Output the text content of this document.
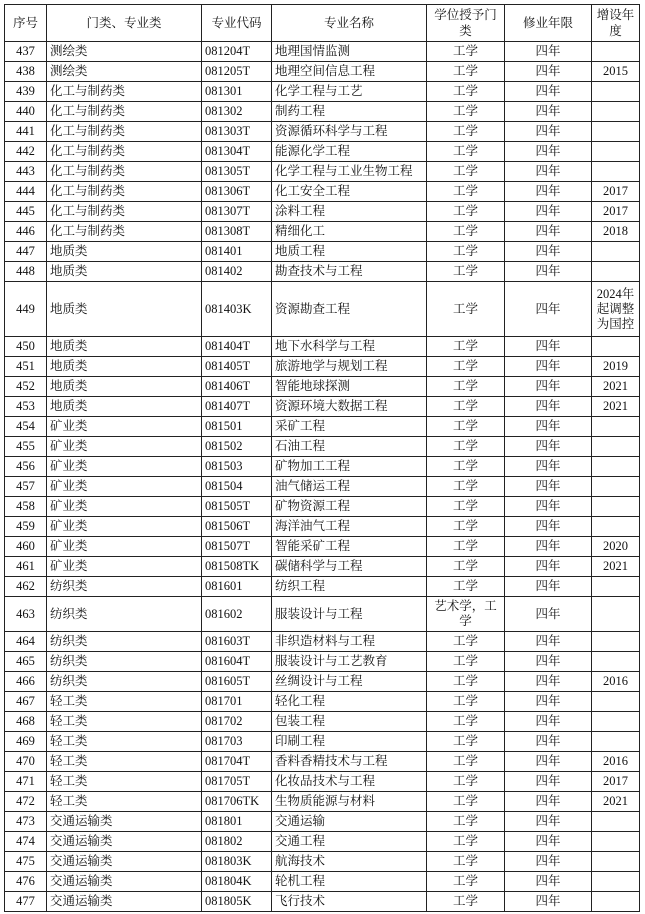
序号	门类、专业类	专业代码	专业名称	学位授予门类	修业年限	增设年度
437	测绘类	081204T	地理国情监测	工学	四年	
438	测绘类	081205T	地理空间信息工程	工学	四年	2015
439	化工与制药类	081301	化学工程与工艺	工学	四年	
440	化工与制药类	081302	制药工程	工学	四年	
441	化工与制药类	081303T	资源循环科学与工程	工学	四年	
442	化工与制药类	081304T	能源化学工程	工学	四年	
443	化工与制药类	081305T	化学工程与工业生物工程	工学	四年	
444	化工与制药类	081306T	化工安全工程	工学	四年	2017
445	化工与制药类	081307T	涂料工程	工学	四年	2017
446	化工与制药类	081308T	精细化工	工学	四年	2018
447	地质类	081401	地质工程	工学	四年	
448	地质类	081402	勘查技术与工程	工学	四年	
449	地质类	081403K	资源勘查工程	工学	四年	2024年起调整为国控
450	地质类	081404T	地下水科学与工程	工学	四年	
451	地质类	081405T	旅游地学与规划工程	工学	四年	2019
452	地质类	081406T	智能地球探测	工学	四年	2021
453	地质类	081407T	资源环境大数据工程	工学	四年	2021
454	矿业类	081501	采矿工程	工学	四年	
455	矿业类	081502	石油工程	工学	四年	
456	矿业类	081503	矿物加工工程	工学	四年	
457	矿业类	081504	油气储运工程	工学	四年	
458	矿业类	081505T	矿物资源工程	工学	四年	
459	矿业类	081506T	海洋油气工程	工学	四年	
460	矿业类	081507T	智能采矿工程	工学	四年	2020
461	矿业类	081508TK	碳储科学与工程	工学	四年	2021
462	纺织类	081601	纺织工程	工学	四年	
463	纺织类	081602	服装设计与工程	艺术学，工学	四年	
464	纺织类	081603T	非织造材料与工程	工学	四年	
465	纺织类	081604T	服装设计与工艺教育	工学	四年	
466	纺织类	081605T	丝绸设计与工程	工学	四年	2016
467	轻工类	081701	轻化工程	工学	四年	
468	轻工类	081702	包装工程	工学	四年	
469	轻工类	081703	印刷工程	工学	四年	
470	轻工类	081704T	香料香精技术与工程	工学	四年	2016
471	轻工类	081705T	化妆品技术与工程	工学	四年	2017
472	轻工类	081706TK	生物质能源与材料	工学	四年	2021
473	交通运输类	081801	交通运输	工学	四年	
474	交通运输类	081802	交通工程	工学	四年	
475	交通运输类	081803K	航海技术	工学	四年	
476	交通运输类	081804K	轮机工程	工学	四年	
477	交通运输类	081805K	飞行技术	工学	四年	
